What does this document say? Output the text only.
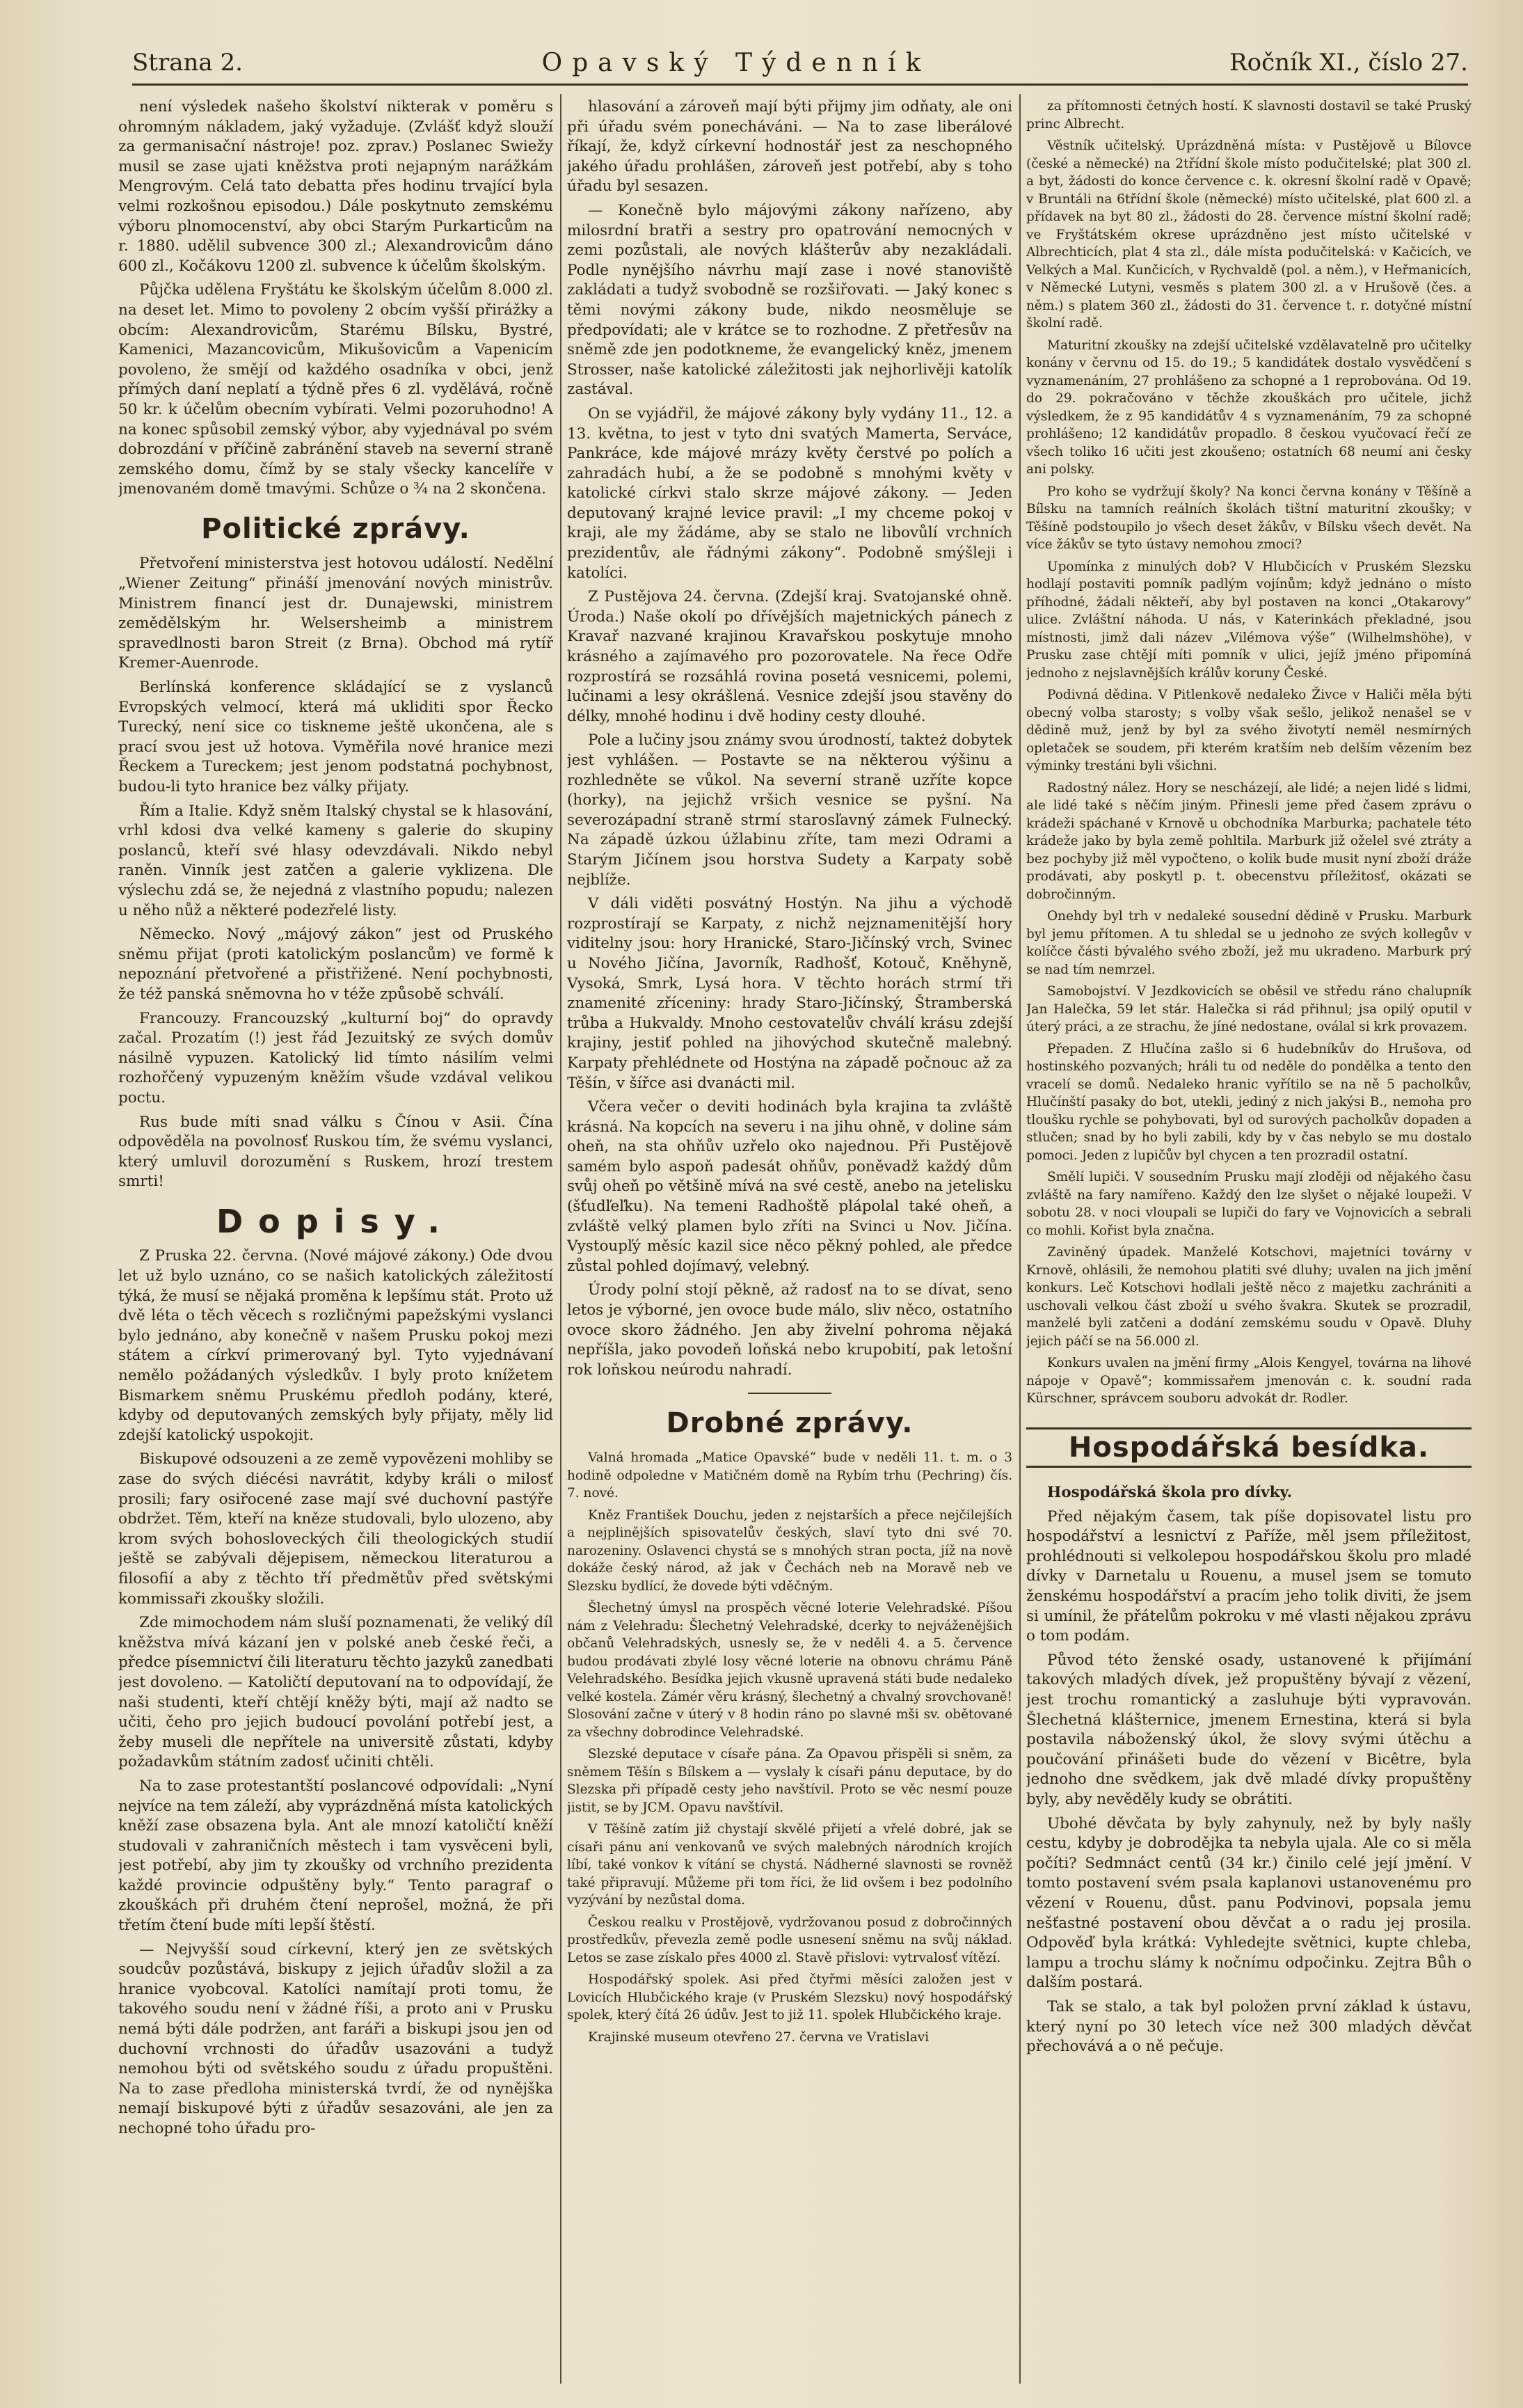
Strana 2.	Opavský Týdenník	Ročník XI., číslo 27.

není výsledek našeho školství nikterak v poměru s ohromným nákladem, jaký vyžaduje. (Zvlášť když slouží za germanisační nástroje! poz. zprav.) Poslanec Swiežy musil se zase ujati kněžstva proti nejapným narážkám Mengrovým. Celá tato debatta přes hodinu trvající byla velmi rozkošnou episodou.) Dále poskytnuto zemskému výboru plnomocenství, aby obci Starým Purkarticům na r. 1880. udělil subvence 300 zl.; Alexandrovicům dáno 600 zl., Kočákovu 1200 zl. subvence k účelům školským.

Půjčka udělena Fryštátu ke školským účelům 8.000 zl. na deset let. Mimo to povoleny 2 obcím vyšší přirážky a obcím: Alexandrovicům, Starému Bílsku, Bystré, Kamenici, Mazancovicům, Mikušovicům a Vapenicím povoleno, že smějí od každého osadníka v obci, jenž přímých daní neplatí a týdně přes 6 zl. vydělává, ročně 50 kr. k účelům obecním vybírati. Velmi pozoruhodno! A na konec spůsobil zemský výbor, aby vyjednával po svém dobrozdání v příčině zabránění staveb na severní straně zemského domu, čímž by se staly všecky kancelíře v jmenovaném domě tmavými. Schůze o ¾ na 2 skončena.

Politické zprávy.

Přetvoření ministerstva jest hotovou událostí. Nedělní „Wiener Zeitung“ přináší jmenování nových ministrův. Ministrem financí jest dr. Dunajewski, ministrem zemědělským hr. Welsersheimb a ministrem spravedlnosti baron Streit (z Brna). Obchod má rytíř Kremer-Auenrode.

Berlínská konference skládající se z vyslanců Evropských velmocí, která má ukliditi spor Řecko Turecký, není sice co tiskneme ještě ukončena, ale s prací svou jest už hotova. Vyměřila nové hranice mezi Řeckem a Tureckem; jest jenom podstatná pochybnost, budou-li tyto hranice bez války přijaty.

Řím a Italie. Když sněm Italský chystal se k hlasování, vrhl kdosi dva velké kameny s galerie do skupiny poslanců, kteří své hlasy odevzdávali. Nikdo nebyl raněn. Vinník jest zatčen a galerie vyklizena. Dle výslechu zdá se, že nejedná z vlastního popudu; nalezen u něho nůž a některé podezřelé listy.

Německo. Nový „májový zákon“ jest od Pruského sněmu přijat (proti katolickým poslancům) ve formě k nepoznání přetvořené a přistřižené. Není pochybnosti, že též panská sněmovna ho v téže způsobě schválí.

Francouzy. Francouzský „kulturní boj“ do opravdy začal. Prozatím (!) jest řád Jezuitský ze svých domův násilně vypuzen. Katolický lid tímto násilím velmi rozhořčený vypuzeným kněžím všude vzdával velikou poctu.

Rus bude míti snad válku s Čínou v Asii. Čína odpověděla na povolnosť Ruskou tím, že svému vyslanci, který umluvil dorozumění s Ruskem, hrozí trestem smrti!

Dopisy.

Z Pruska 22. června. (Nové májové zákony.) Ode dvou let už bylo uznáno, co se našich katolických záležitostí týká, že musí se nějaká proměna k lepšímu stát. Proto už dvě léta o těch věcech s rozličnými papežskými vyslanci bylo jednáno, aby konečně v našem Prusku pokoj mezi státem a církví primerovaný byl. Tyto vyjednávaní nemělo požádaných výsledkův. I byly proto knížetem Bismarkem sněmu Pruskému předloh podány, které, kdyby od deputovaných zemských byly přijaty, měly lid zdejší katolický uspokojit.

Biskupové odsouzeni a ze země vypovězeni mohliby se zase do svých diécési navrátit, kdyby králi o milosť prosili; fary osiřocené zase mají své duchovní pastýře obdržet. Těm, kteří na kněze studovali, bylo ulozeno, aby krom svých bohosloveckých čili theologických studií ještě se zabývali dějepisem, německou literaturou a filosofií a aby z těchto tří předmětův před světskými kommissaři zkoušky složili.

Zde mimochodem nám sluší poznamenati, že veliký díl kněžstva mívá kázaní jen v polské aneb české řeči, a předce písemnictví čili literaturu těchto jazyků zanedbati jest dovoleno. — Katoličtí deputovaní na to odpovídají, že naši studenti, kteří chtějí kněžy býti, mají až nadto se učiti, čeho pro jejich budoucí povolání potřebí jest, a žeby museli dle nepřítele na universitě zůstati, kdyby požadavkům státním zadosť učiniti chtěli.

Na to zase protestantští poslancové odpovídali: „Nyní nejvíce na tem záleží, aby vyprázdněná místa katolických kněží zase obsazena byla. Ant ale mnozí katoličtí kněží studovali v zahraničních městech i tam vysvěceni byli, jest potřebí, aby jim ty zkoušky od vrchního prezidenta každé provincie odpuštěny byly.“ Tento paragraf o zkouškách při druhém čtení neprošel, možná, že při třetím čtení bude míti lepší štěstí.

— Nejvyšší soud církevní, který jen ze světských soudcův pozůstává, biskupy z jejich úřadův složil a za hranice vyobcoval. Katolíci namítají proti tomu, že takového soudu není v žádné říši, a proto ani v Prusku nemá býti dále podržen, ant faráři a biskupi jsou jen od duchovní vrchnosti do úřadův usazováni a tudyž nemohou býti od světského soudu z úřadu propuštěni. Na to zase předloha ministerská tvrdí, že od nynějška nemají biskupové býti z úřadův sesazováni, ale jen za nechopné toho úřadu pro-

hlasování a zároveň mají býti přijmy jim odňaty, ale oni při úřadu svém ponecháváni. — Na to zase liberálové říkají, že, když církevní hodnostář jest za neschopného jakého úřadu prohlášen, zároveň jest potřebí, aby s toho úřadu byl sesazen.

— Konečně bylo májovými zákony nařízeno, aby milosrdní bratři a sestry pro opatrování nemocných v zemi pozůstali, ale nových klášterův aby nezakládali. Podle nynějšího návrhu mají zase i nové stanoviště zakládati a tudyž svobodně se rozšiřovati. — Jaký konec s těmi novými zákony bude, nikdo neosměluje se předpovídati; ale v krátce se to rozhodne. Z přetřesův na sněmě zde jen podotkneme, že evangelický kněz, jmenem Strosser, naše katolické záležitosti jak nejhorlivěji katolík zastával.

On se vyjádřil, že májové zákony byly vydány 11., 12. a 13. května, to jest v tyto dni svatých Mamerta, Serváce, Pankráce, kde májové mrázy květy čerstvé po polích a zahradách hubí, a že se podobně s mnohými květy v katolické církvi stalo skrze májové zákony. — Jeden deputovaný krajné levice pravil: „I my chceme pokoj v kraji, ale my žádáme, aby se stalo ne libovůlí vrchních prezidentův, ale řádnými zákony“. Podobně smýšleji i katolíci.

Z Pustějova 24. června. (Zdejší kraj. Svatojanské ohně. Úroda.) Naše okolí po dřívějších majetnických pánech z Kravař nazvané krajinou Kravařskou poskytuje mnoho krásného a zajímavého pro pozorovatele. Na řece Odře rozprostírá se rozsáhlá rovina posetá vesnicemi, polemi, lučinami a lesy okrášlená. Vesnice zdejší jsou stavěny do délky, mnohé hodinu i dvě hodiny cesty dlouhé.

Pole a lučiny jsou známy svou úrodností, takteż dobytek jest vyhlášen. — Postavte se na některou výšinu a rozhledněte se vůkol. Na severní straně uzříte kopce (horky), na jejichž vršich vesnice se pyšní. Na severozápadní straně strmí starosľavný zámek Fulnecký. Na západě úzkou úžlabinu zříte, tam mezi Odrami a Starým Jičínem jsou horstva Sudety a Karpaty sobě nejblíže.

V dáli viděti posvátný Hostýn. Na jihu a východě rozprostírají se Karpaty, z nichž nejznamenitější hory viditelny jsou: hory Hranické, Staro-Jičínský vrch, Svinec u Nového Jičína, Javorník, Radhošť, Kotouč, Kněhyně, Vysoká, Smrk, Lysá hora. V těchto horách strmí tři znamenité zříceniny: hrady Staro-Jičínský, Štramberská trůba a Hukvaldy. Mnoho cestovatelův chválí krásu zdejší krajiny, jestiť pohled na jihovýchod skutečně malebný. Karpaty přehlédnete od Hostýna na západě počnouc až za Těšín, v šířce asi dvanácti mil.

Včera večer o deviti hodinách byla krajina ta zvláště krásná. Na kopcích na severu i na jihu ohně, v doline sám oheň, na sta ohňův uzřelo oko najednou. Při Pustějově samém bylo aspoň padesát ohňův, poněvadž každý dům svůj oheň po většině mívá na své cestě, anebo na jetelisku (šťudľeľku). Na temeni Radhoště plápolal také oheň, a zvláště velký plamen bylo zříti na Svinci u Nov. Jičína. Vystoupľý měsíc kazil sice něco pěkný pohled, ale předce zůstal pohled dojímavý, velebný.

Úrody polní stojí pěkně, až radosť na to se dívat, seno letos je výborné, jen ovoce bude málo, sliv něco, ostatního ovoce skoro žádného. Jen aby živelní pohroma nějaká nepříšla, jako povodeň loňská nebo krupobití, pak letošní rok loňskou neúrodu nahradí.

Drobné zprávy.

Valná hromada „Matice Opavské“ bude v neděli 11. t. m. o 3 hodině odpoledne v Matičném domě na Rybím trhu (Pechring) čís. 7. nové.

Kněz František Douchu, jeden z nejstarších a přece nejčilejších a nejplinějších spisovatelův českých, slaví tyto dni své 70. narozeniny. Oslavenci chystá se s mnohých stran pocta, jíž na nově dokáže český národ, až jak v Čechách neb na Moravě neb ve Slezsku bydlící, že dovede býti vděčným.

Šlechetný úmysl na prospěch věcné loterie Velehradské. Píšou nám z Velehradu: Šlechetný Velehradské, dcerky to nejváženějšich občanů Velehradských, usnesly se, že v neděli 4. a 5. července budou prodávati zbylé losy věcné loterie na obnovu chrámu Páně Velehradského. Besídka jejich vkusně upravená státi bude nedaleko velké kostela. Zámér věru krásný, šlechetný a chvalný srovchovaně! Slosování začne v úterý v 8 hodin ráno po slavné mši sv. obětované za všechny dobrodince Velehradské.

Slezské deputace v císaře pána. Za Opavou přispěli si sněm, za sněmem Těšín s Bílskem a — vyslaly k císaři pánu deputace, by do Slezska při případě cesty jeho navštívil. Proto se věc nesmí pouze jistit, se by JCM. Opavu navštívil.

V Těšíně zatím již chystají skvělé přijetí a vřelé dobré, jak se císaři pánu ani venkovanů ve svých malebných národních krojích líbí, také vonkov k vítání se chystá. Nádherné slavnosti se rovněž také připravují. Můžeme při tom říci, že lid ovšem i bez podolního vyzývání by nezůstal doma.

Českou realku v Prostějově, vydržovanou posud z dobročinných prostředkův, převezla země podle usnesení sněmu na svůj náklad. Letos se zase získalo přes 4000 zl. Stavě přislovi: vytrvalosť vítězí.

Hospodářský spolek. Asi před čtyřmi měsíci založen jest v Lovicích Hlubčického kraje (v Pruském Slezsku) nový hospodářský spolek, který čítá 26 údův. Jest to již 11. spolek Hlubčického kraje.

Krajinské museum otevřeno 27. června ve Vratislavi

za přítomnosti četných hostí. K slavnosti dostavil se také Pruský princ Albrecht.

Věstník učitelský. Uprázdněná místa: v Pustějově u Bílovce (české a německé) na 2třídní škole místo podučitelské; plat 300 zl. a byt, žádosti do konce července c. k. okresní školní radě v Opavě; v Bruntáli na 6třídní škole (německé) místo učitelské, plat 600 zl. a přídavek na byt 80 zl., žádosti do 28. července místní školní radě; ve Fryštátském okrese uprázdněno jest místo učitelské v Albrechticích, plat 4 sta zl., dále místa podučitelská: v Kačicích, ve Velkých a Mal. Kunčicích, v Rychvaldě (pol. a něm.), v Heřmanicích, v Německé Lutyni, vesměs s platem 300 zl. a v Hrušově (čes. a něm.) s platem 360 zl., žádosti do 31. července t. r. dotyčné místní školní radě.

Maturitní zkoušky na zdejší učitelské vzdělavatelně pro učitelky konány v červnu od 15. do 19.; 5 kandidátek dostalo vysvědčení s vyznamenáním, 27 prohlášeno za schopné a 1 reprobována. Od 19. do 29. pokračováno v těchže zkouškách pro učitele, jichž výsledkem, že z 95 kandidátův 4 s vyznamenáním, 79 za schopné prohlášeno; 12 kandidátův propadlo. 8 českou vyučovací řečí ze všech toliko 16 učiti jest zkoušeno; ostatních 68 neumí ani česky ani polsky.

Pro koho se vydržují školy? Na konci června konány v Těšíně a Bílsku na tamních reálních školách tištní maturitní zkoušky; v Těšíně podstoupilo jo všech deset žákův, v Bílsku všech devět. Na více žákův se tyto ústavy nemohou zmoci?

Upomínka z minulých dob? V Hlubčicích v Pruském Slezsku hodlají postaviti pomník padlým vojínům; když jednáno o místo příhodné, žádali někteří, aby byl postaven na konci „Otakarovy“ ulice. Zvláštní náhoda. U nás, v Katerinkách překladné, jsou místnosti, jimž dali název „Vilémova výše“ (Wilhelmshöhe), v Prusku zase chtějí míti pomník v ulici, jejíž jméno připomíná jednoho z nejslavnějších králův koruny České.

Podivná dědina. V Pitlenkově nedaleko Živce v Haliči měla býti obecný volba starosty; s volby však sešlo, jelikož nenašel se v dědině muž, jenž by byl za svého životytí nemël nesmírných opletaček se soudem, při kterém kratším neb delším vězením bez výminky trestáni byli všichni.

Radostný nález. Hory se nescházejí, ale lidé; a nejen lidé s lidmi, ale lidé také s něčím jiným. Přinesli jeme před časem zprávu o krádeži spáchané v Krnově u obchodníka Marburka; pachatele této krádeže jako by byla země pohltila. Marburk již oželel své ztráty a bez pochyby již měl vypočteno, o kolik bude musit nyní zboží dráže prodávati, aby poskytl p. t. obecenstvu příležitosť, okázati se dobročinným.

Onehdy byl trh v nedaleké sousední dědině v Prusku. Marburk byl jemu přítomen. A tu shledal se u jednoho ze svých kollegův v kolíčce části bývalého svého zboží, jež mu ukradeno. Marburk prý se nad tím nemrzel.

Samobojství. V Jezdkovicích se oběsil ve středu ráno chalupník Jan Halečka, 59 let stár. Halečka si rád přihnul; jsa opilý oputil v úterý práci, a ze strachu, že jíné nedostane, oválal si krk provazem.

Přepaden. Z Hlučína zašlo si 6 hudebníkův do Hrušova, od hostinského pozvaných; hráli tu od neděle do pondělka a tento den vracelí se domů. Nedaleko hranic vyřítilo se na ně 5 pacholkův, Hlučínští pasaky do bot, utekli, jediný z nich jakýsi B., nemoha pro tloušku rychle se pohybovati, byl od surových pacholkův dopaden a stlučen; snad by ho byli zabili, kdy by v čas nebylo se mu dostalo pomoci. Jeden z lupičův byl chycen a ten prozradil ostatní.

Smělí lupiči. V sousedním Prusku mají zloději od nějakého času zvláště na fary namířeno. Každý den lze slyšet o nějaké loupeži. V sobotu 28. v noci vloupali se lupiči do fary ve Vojnovicích a sebrali co mohli. Kořist byla značna.

Zaviněný úpadek. Manželé Kotschovi, majetníci továrny v Krnově, ohlásili, že nemohou platiti své dluhy; uvalen na jich jmění konkurs. Leč Kotschovi hodlali ještě něco z majetku zachrániti a uschovali velkou část zboží u svého švakra. Skutek se prozradil, manželé byli zatčeni a dodání zemskému soudu v Opavě. Dluhy jejich páčí se na 56.000 zl.

Konkurs uvalen na jmění firmy „Alois Kengyel, továrna na lihové nápoje v Opavě“; kommissařem jmenován c. k. soudní rada Kürschner, správcem souboru advokát dr. Rodler.

Hospodářská besídka.

Hospodářská škola pro dívky.

Před nějakým časem, tak píše dopisovatel listu pro hospodářství a lesnictví z Paříže, měl jsem příležitost, prohlédnouti si velkolepou hospodářskou školu pro mladé dívky v Darnetalu u Rouenu, a musel jsem se tomuto ženskému hospodářství a pracím jeho tolik diviti, že jsem si umínil, že přátelům pokroku v mé vlasti nějakou zprávu o tom podám.

Původ této ženské osady, ustanovené k přijímání takových mladých dívek, jež propuštěny bývají z vězení, jest trochu romantický a zasluhuje býti vypravován. Šlechetná klášternice, jmenem Ernestina, která si byla postavila náboženský úkol, že slovy svými útěchu a poučování přinášeti bude do vězení v Bicêtre, byla jednoho dne svědkem, jak dvě mladé dívky propuštěny byly, aby nevěděly kudy se obrátiti.

Ubohé děvčata by byly zahynuly, než by byly našly cestu, kdyby je dobrodějka ta nebyla ujala. Ale co si měla počíti? Sedmnáct centů (34 kr.) činilo celé její jmění. V tomto postavení svém psala kaplanovi ustanovenému pro vězení v Rouenu, důst. panu Podvinovi, popsala jemu nešťastné postavení obou děvčat a o radu jej prosila. Odpověď byla krátká: Vyhledejte světnici, kupte chleba, lampu a trochu slámy k nočnímu odpočinku. Zejtra Bůh o dalším postará.

Tak se stalo, a tak byl položen první základ k ústavu, který nyní po 30 letech více než 300 mladých děvčat přechovává a o ně pečuje.
